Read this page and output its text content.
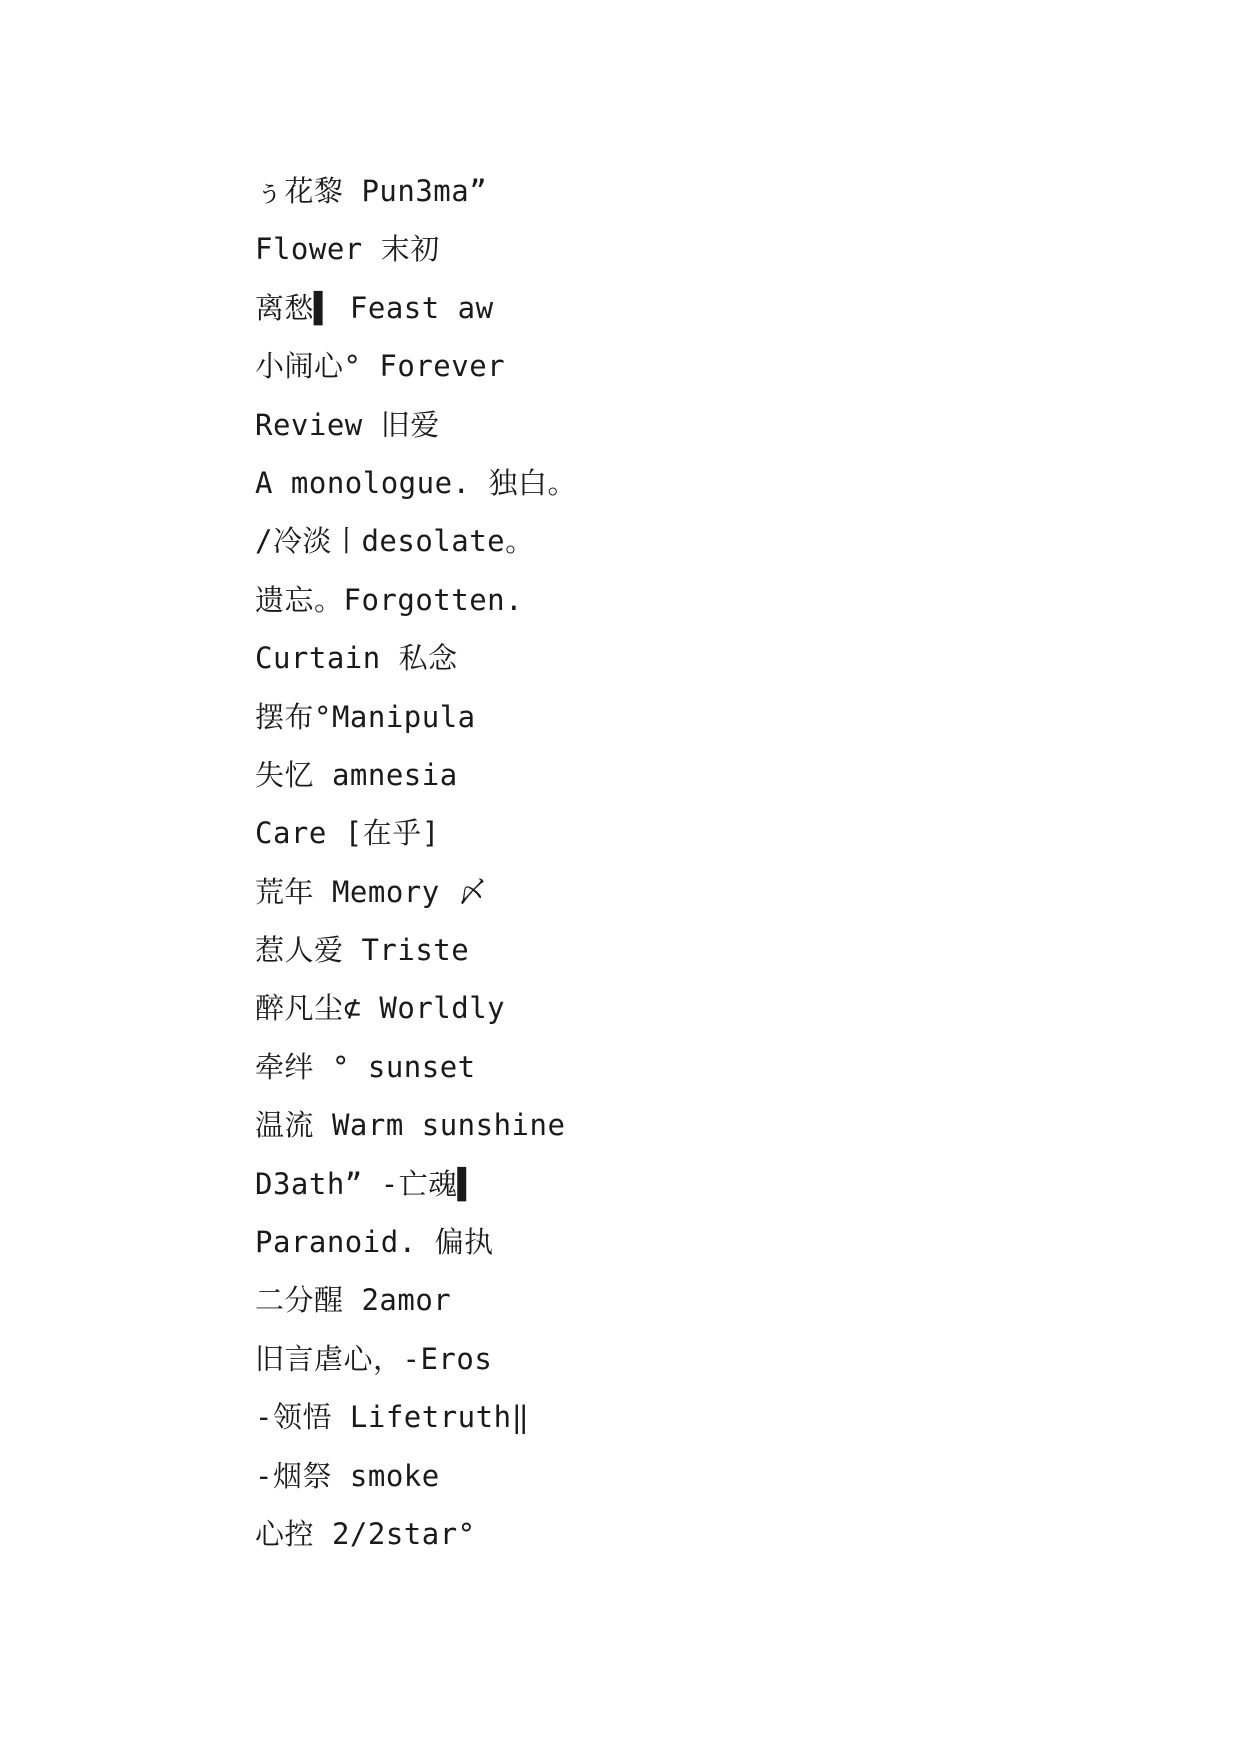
ぅ花黎 Pun3ma”
Flower 末初
离愁▌ Feast aw
小闹心° Forever
Review 旧爱
A monologue. 独白。
/冷淡丨desolate。
遗忘。Forgotten.
Curtain 私念
摆布°Manipula
失忆 amnesia
Care [在乎]
荒年 Memory 〆
惹人爱 Triste
醉凡尘⊄ Worldly
牵绊 ° sunset
温流 Warm sunshine
D3ath” -亡魂▌
Paranoid. 偏执
二分醒 2amor
旧言虐心，-Eros
-领悟 Lifetruth‖
-烟祭 smoke
心控 2/2star°
